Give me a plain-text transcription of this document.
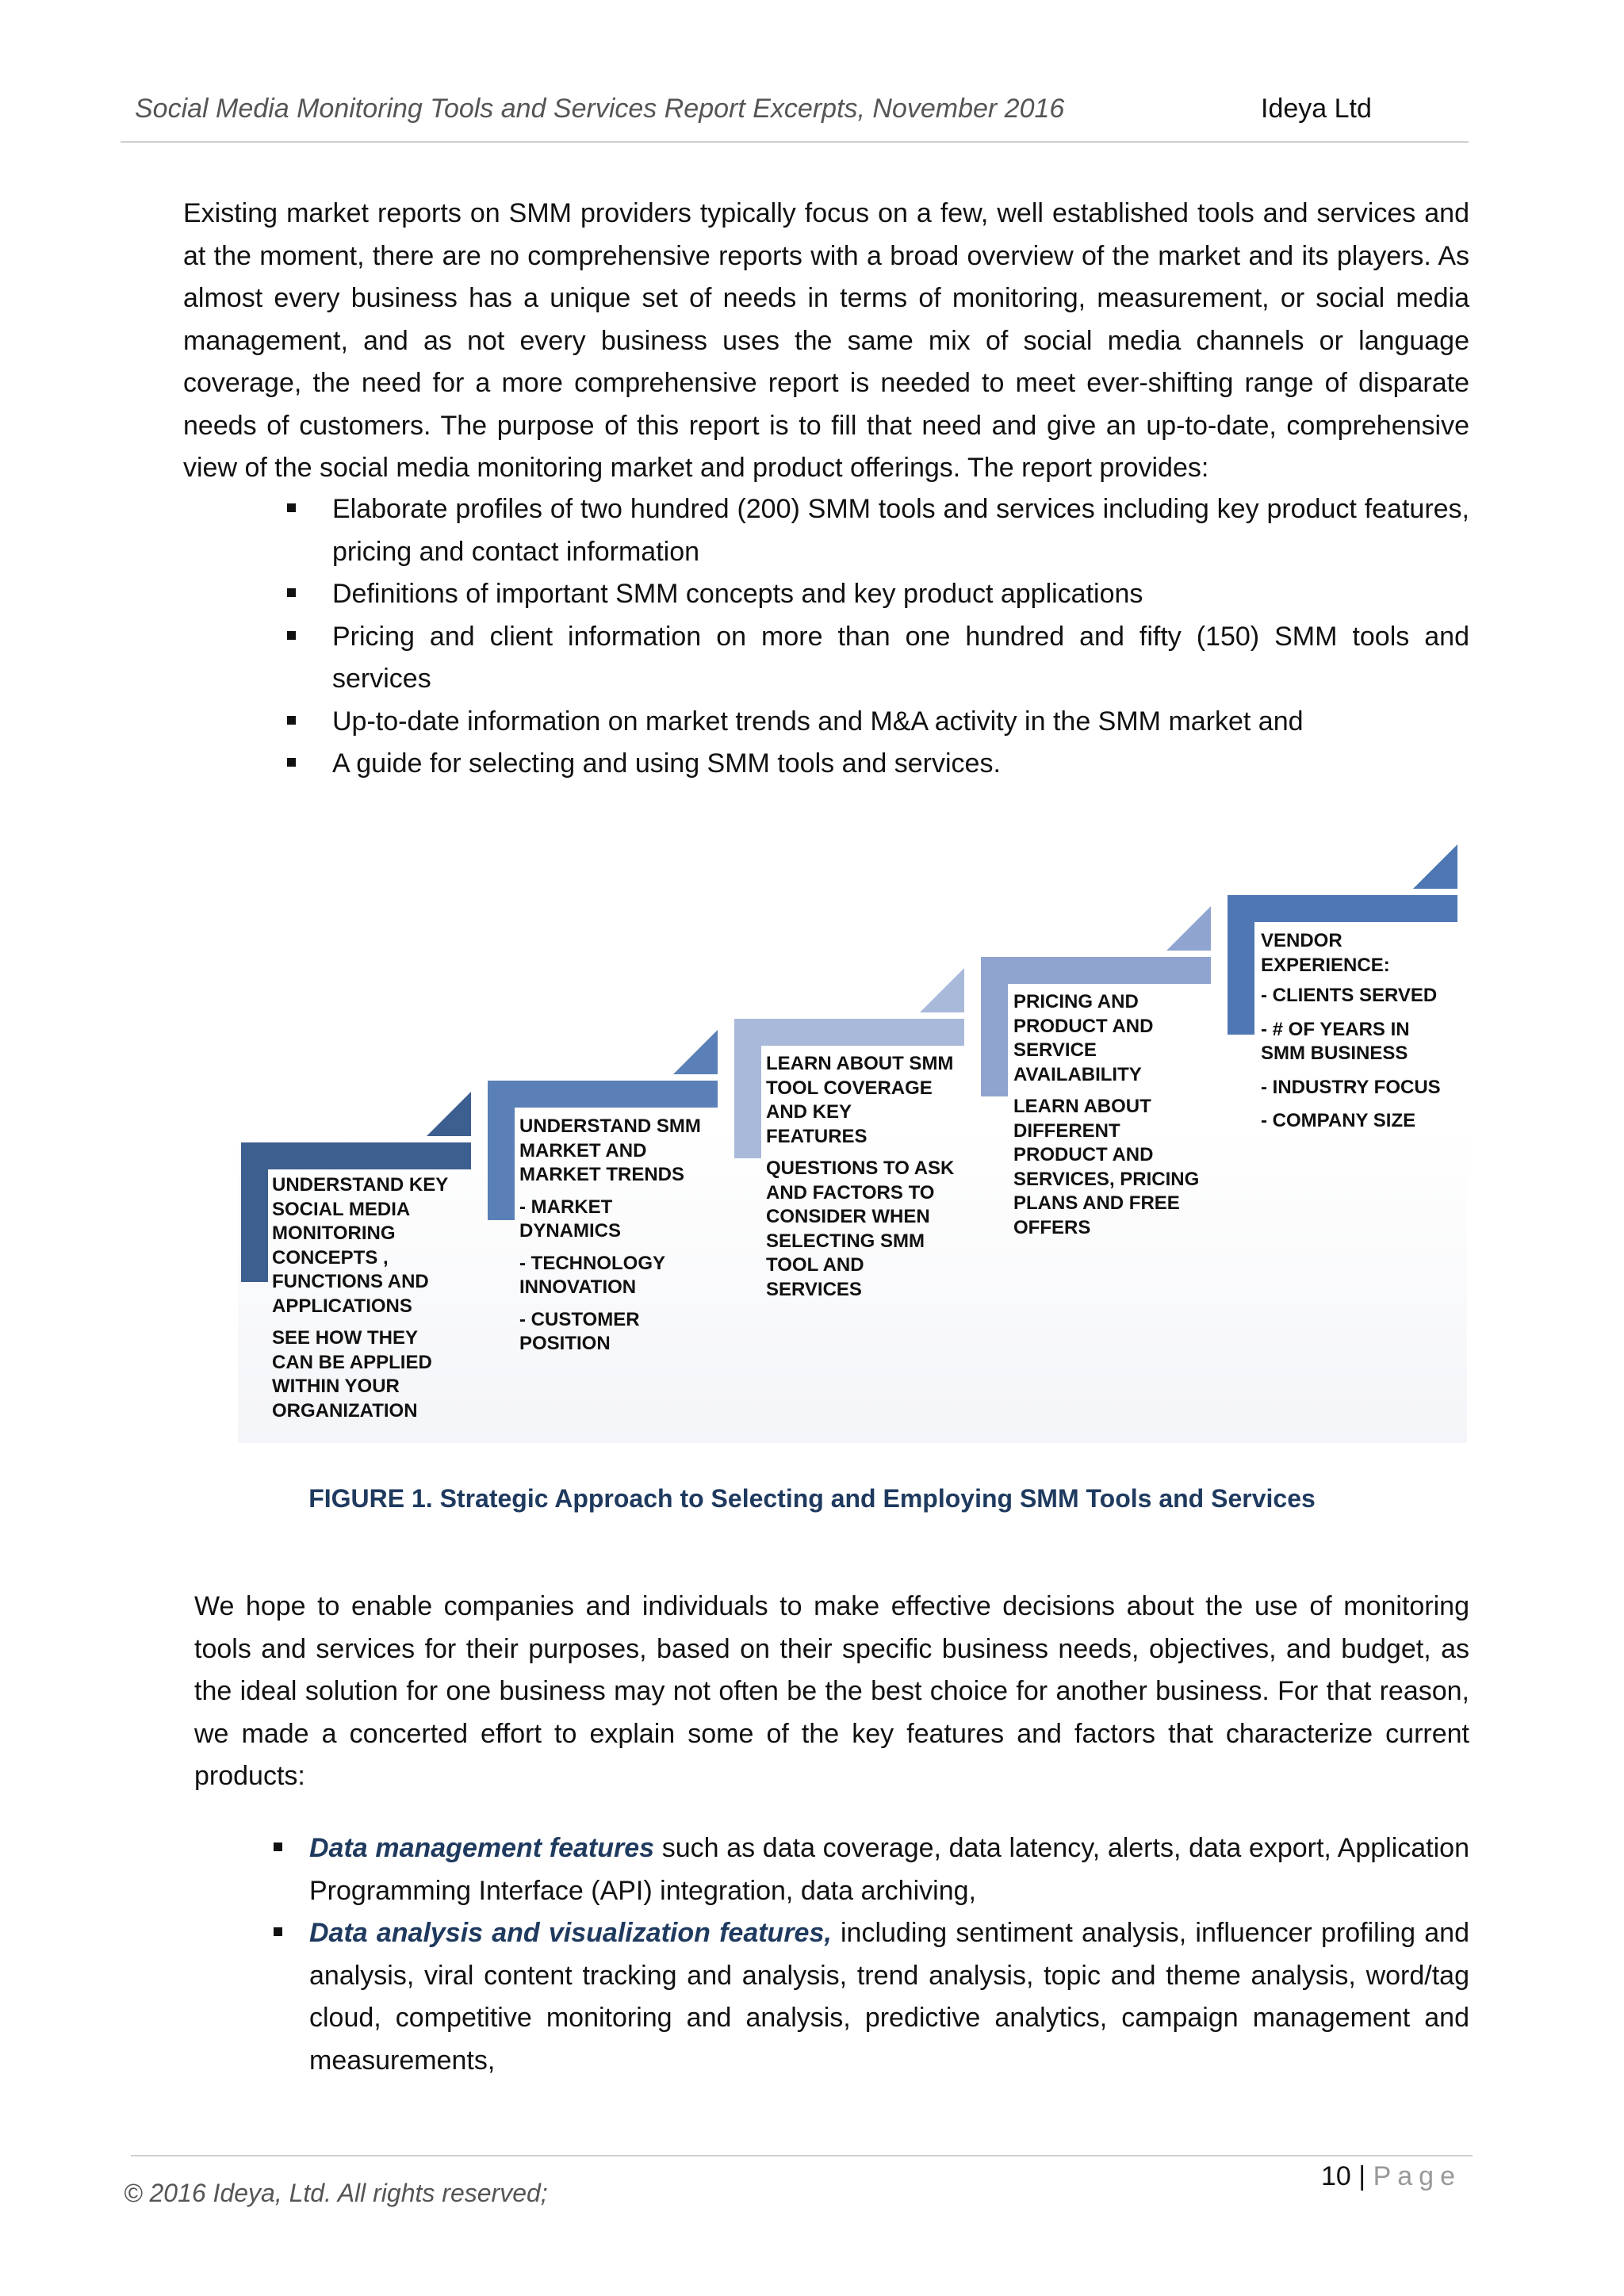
Social Media Monitoring Tools and Services Report Excerpts, November 2016	Ideya Ltd
Existing market reports on SMM providers typically focus on a few, well established tools and services and at the moment, there are no comprehensive reports with a broad overview of the market and its players. As almost every business has a unique set of needs in terms of monitoring, measurement, or social media management, and as not every business uses the same mix of social media channels or language coverage, the need for a more comprehensive report is needed to meet ever-shifting range of disparate needs of customers. The purpose of this report is to fill that need and give an up-to-date, comprehensive view of the social media monitoring market and product offerings. The report provides:
Elaborate profiles of two hundred (200) SMM tools and services including key product features, pricing and contact information
Definitions of important SMM concepts and key product applications
Pricing and client information on more than one hundred and fifty (150) SMM tools and services
Up-to-date information on market trends and M&A activity in the SMM market and
A guide for selecting and using SMM tools and services.

UNDERSTAND KEY SOCIAL MEDIA MONITORING CONCEPTS , FUNCTIONS AND APPLICATIONS

SEE HOW THEY CAN BE APPLIED WITHIN YOUR ORGANIZATION

UNDERSTAND SMM MARKET AND MARKET TRENDS

- MARKET DYNAMICS

- TECHNOLOGY INNOVATION

- CUSTOMER POSITION

LEARN ABOUT SMM TOOL COVERAGE AND KEY FEATURES

QUESTIONS TO ASK AND FACTORS TO CONSIDER WHEN SELECTING SMM TOOL AND SERVICES

PRICING AND PRODUCT AND SERVICE AVAILABILITY

LEARN ABOUT DIFFERENT PRODUCT AND SERVICES, PRICING PLANS AND FREE OFFERS

VENDOR EXPERIENCE:

- CLIENTS SERVED

- # OF YEARS IN SMM BUSINESS

- INDUSTRY FOCUS

- COMPANY SIZE

FIGURE 1. Strategic Approach to Selecting and Employing SMM Tools and Services
We hope to enable companies and individuals to make effective decisions about the use of monitoring tools and services for their purposes, based on their specific business needs, objectives, and budget, as the ideal solution for one business may not often be the best choice for another business. For that reason, we made a concerted effort to explain some of the key features and factors that characterize current products:
Data management features such as data coverage, data latency, alerts, data export, Application Programming Interface (API) integration, data archiving,
Data analysis and visualization features, including sentiment analysis, influencer profiling and analysis, viral content tracking and analysis, trend analysis, topic and theme analysis, word/tag cloud, competitive monitoring and analysis, predictive analytics, campaign management and measurements,
© 2016 Ideya, Ltd. All rights reserved;
10 | Page
